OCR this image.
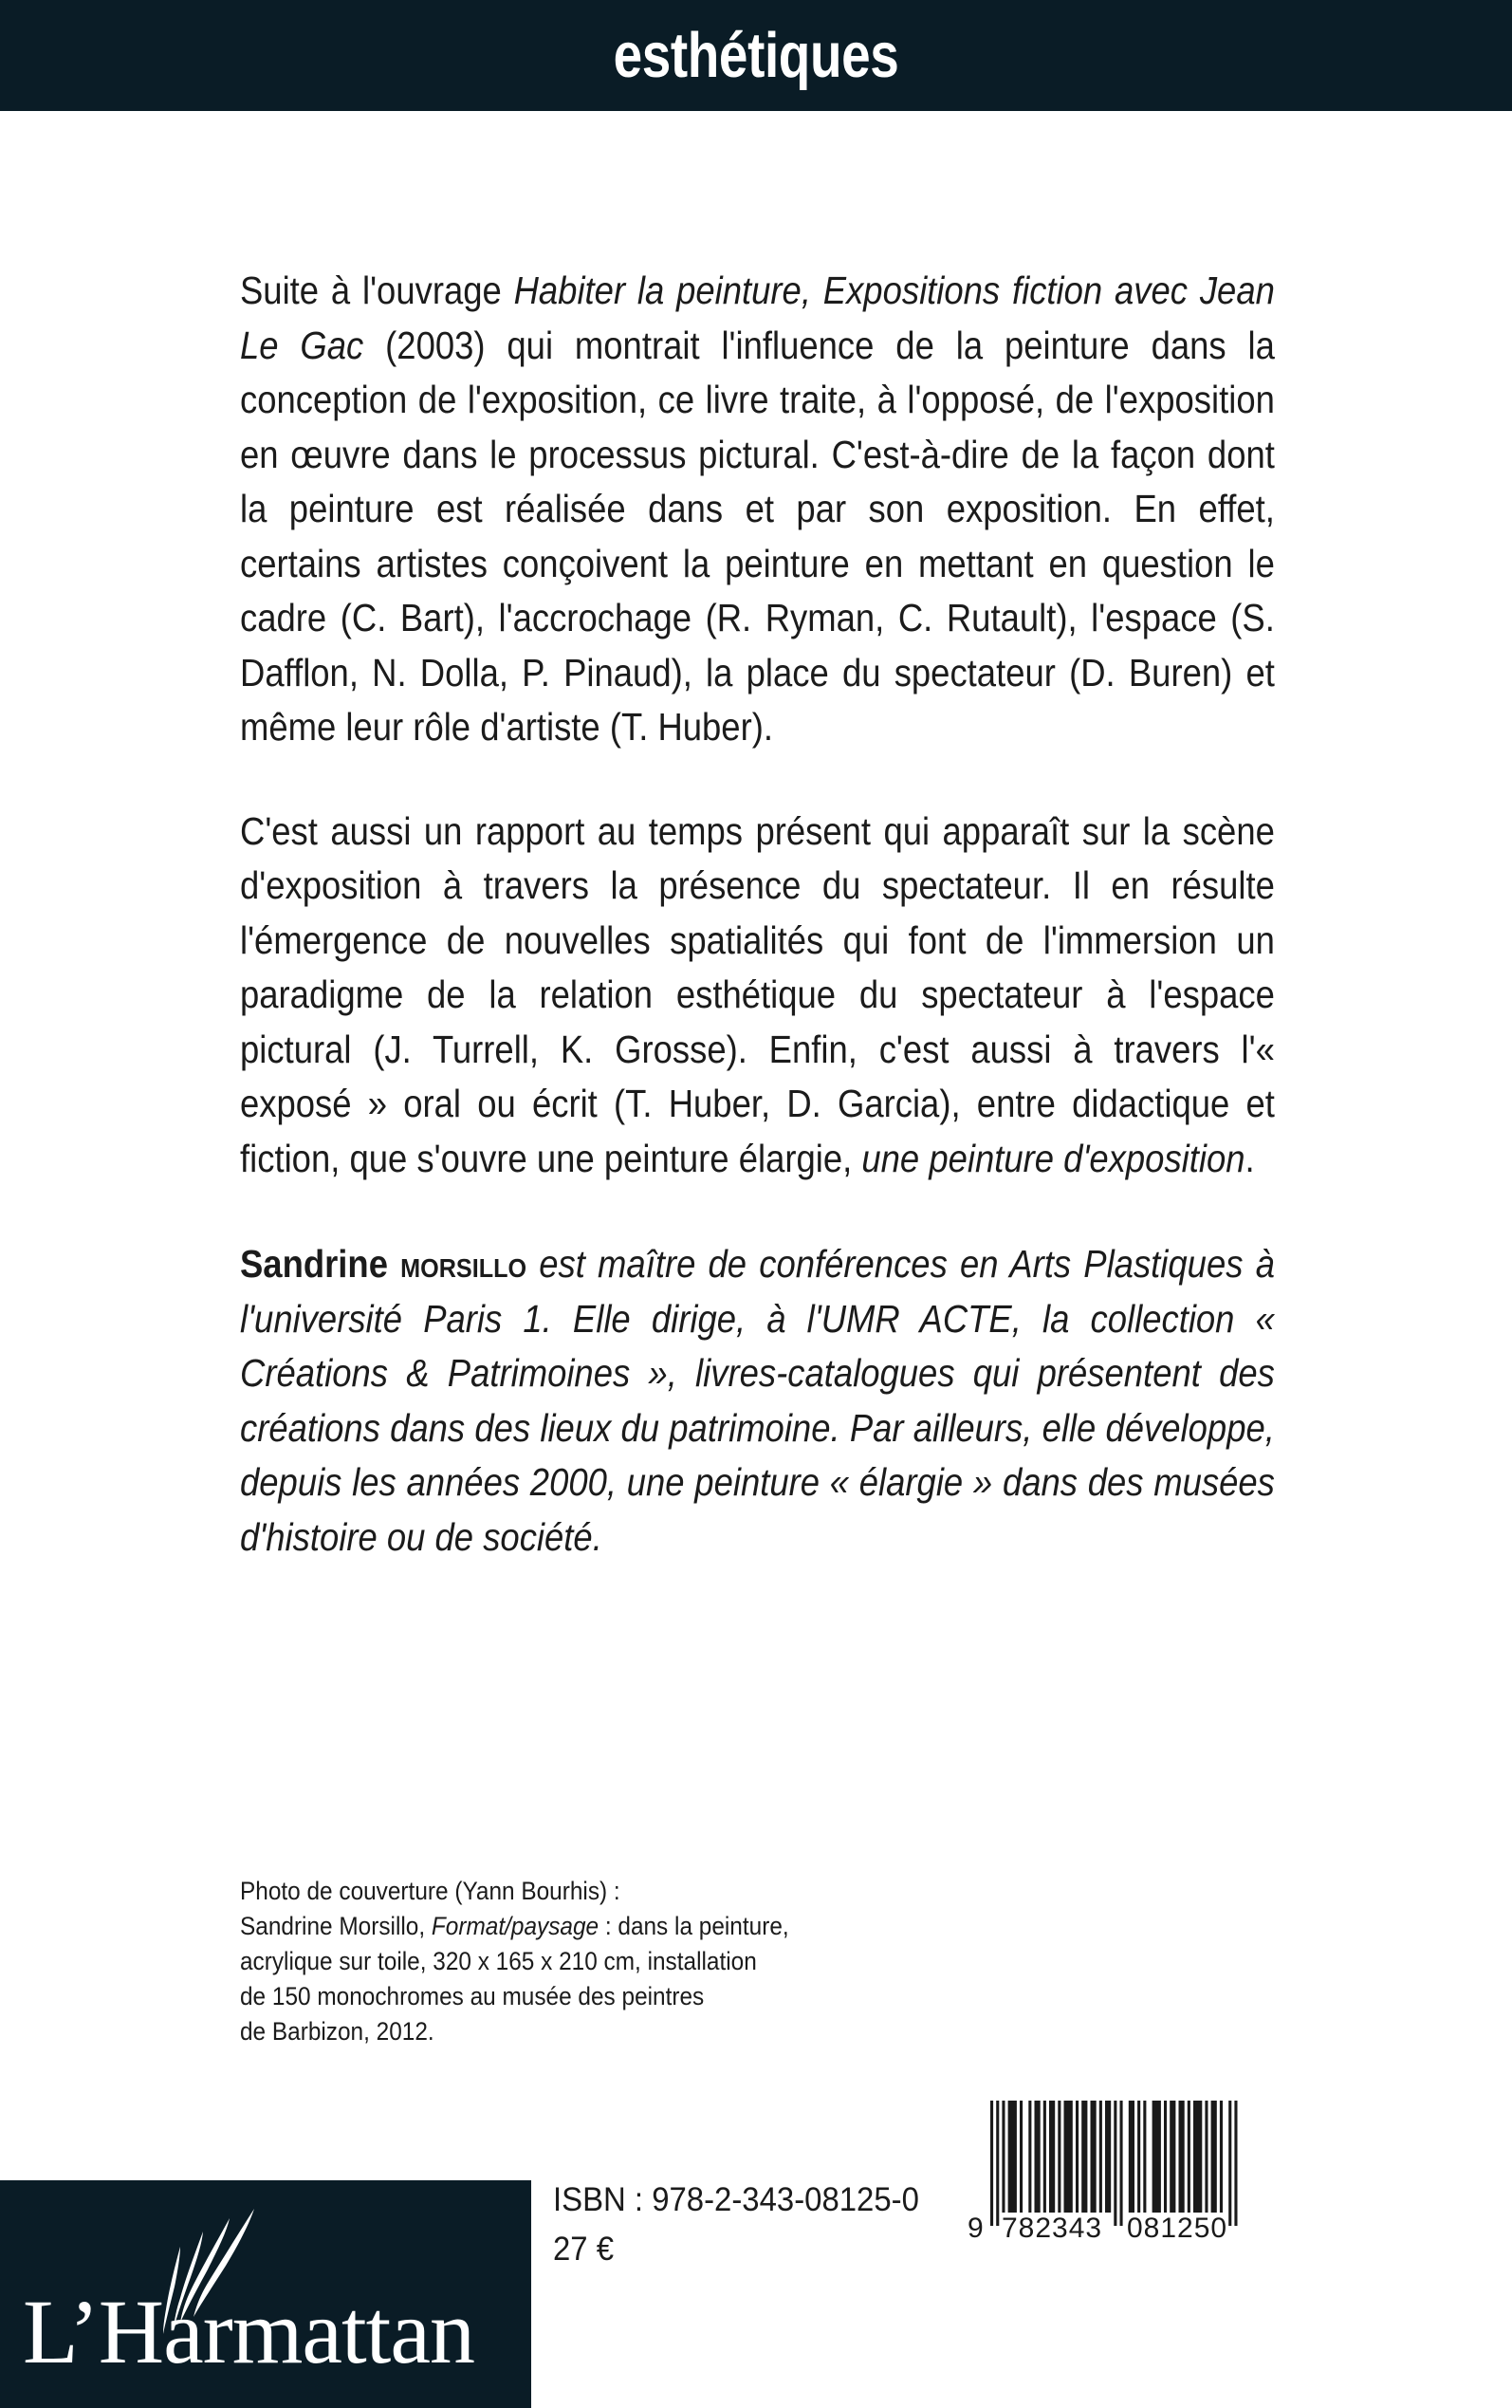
esthétiques

Suite à l'ouvrage Habiter la peinture, Expositions fiction avec Jean Le Gac (2003) qui montrait l'influence de la peinture dans la conception de l'exposition, ce livre traite, à l'opposé, de l'exposition en œuvre dans le processus pictural. C'est-à-dire de la façon dont la peinture est réalisée dans et par son exposition. En effet, certains artistes conçoivent la peinture en mettant en question le cadre (C. Bart), l'accrochage (R. Ryman, C. Rutault), l'espace (S. Dafflon, N. Dolla, P. Pinaud), la place du spectateur (D. Buren) et même leur rôle d'artiste (T. Huber).

C'est aussi un rapport au temps présent qui apparaît sur la scène d'exposition à travers la présence du spectateur. Il en résulte l'émergence de nouvelles spatialités qui font de l'immersion un paradigme de la relation esthétique du spectateur à l'espace pictural (J. Turrell, K. Grosse). Enfin, c'est aussi à travers l'« exposé » oral ou écrit (T. Huber, D. Garcia), entre didactique et fiction, que s'ouvre une peinture élargie, une peinture d'exposition.

Sandrine morsillo est maître de conférences en Arts Plastiques à l'université Paris 1. Elle dirige, à l'UMR ACTE, la collection « Créations & Patrimoines », livres-catalogues qui présentent des créations dans des lieux du patrimoine. Par ailleurs, elle développe, depuis les années 2000, une peinture « élargie » dans des musées d'histoire ou de société.

Photo de couverture (Yann Bourhis) :
Sandrine Morsillo, Format/paysage : dans la peinture,
acrylique sur toile, 320 x 165 x 210 cm, installation
de 150 monochromes au musée des peintres
de Barbizon, 2012.
ISBN : 978-2-343-08125-0
27 €
9 782343 081250
L’Harmattan
